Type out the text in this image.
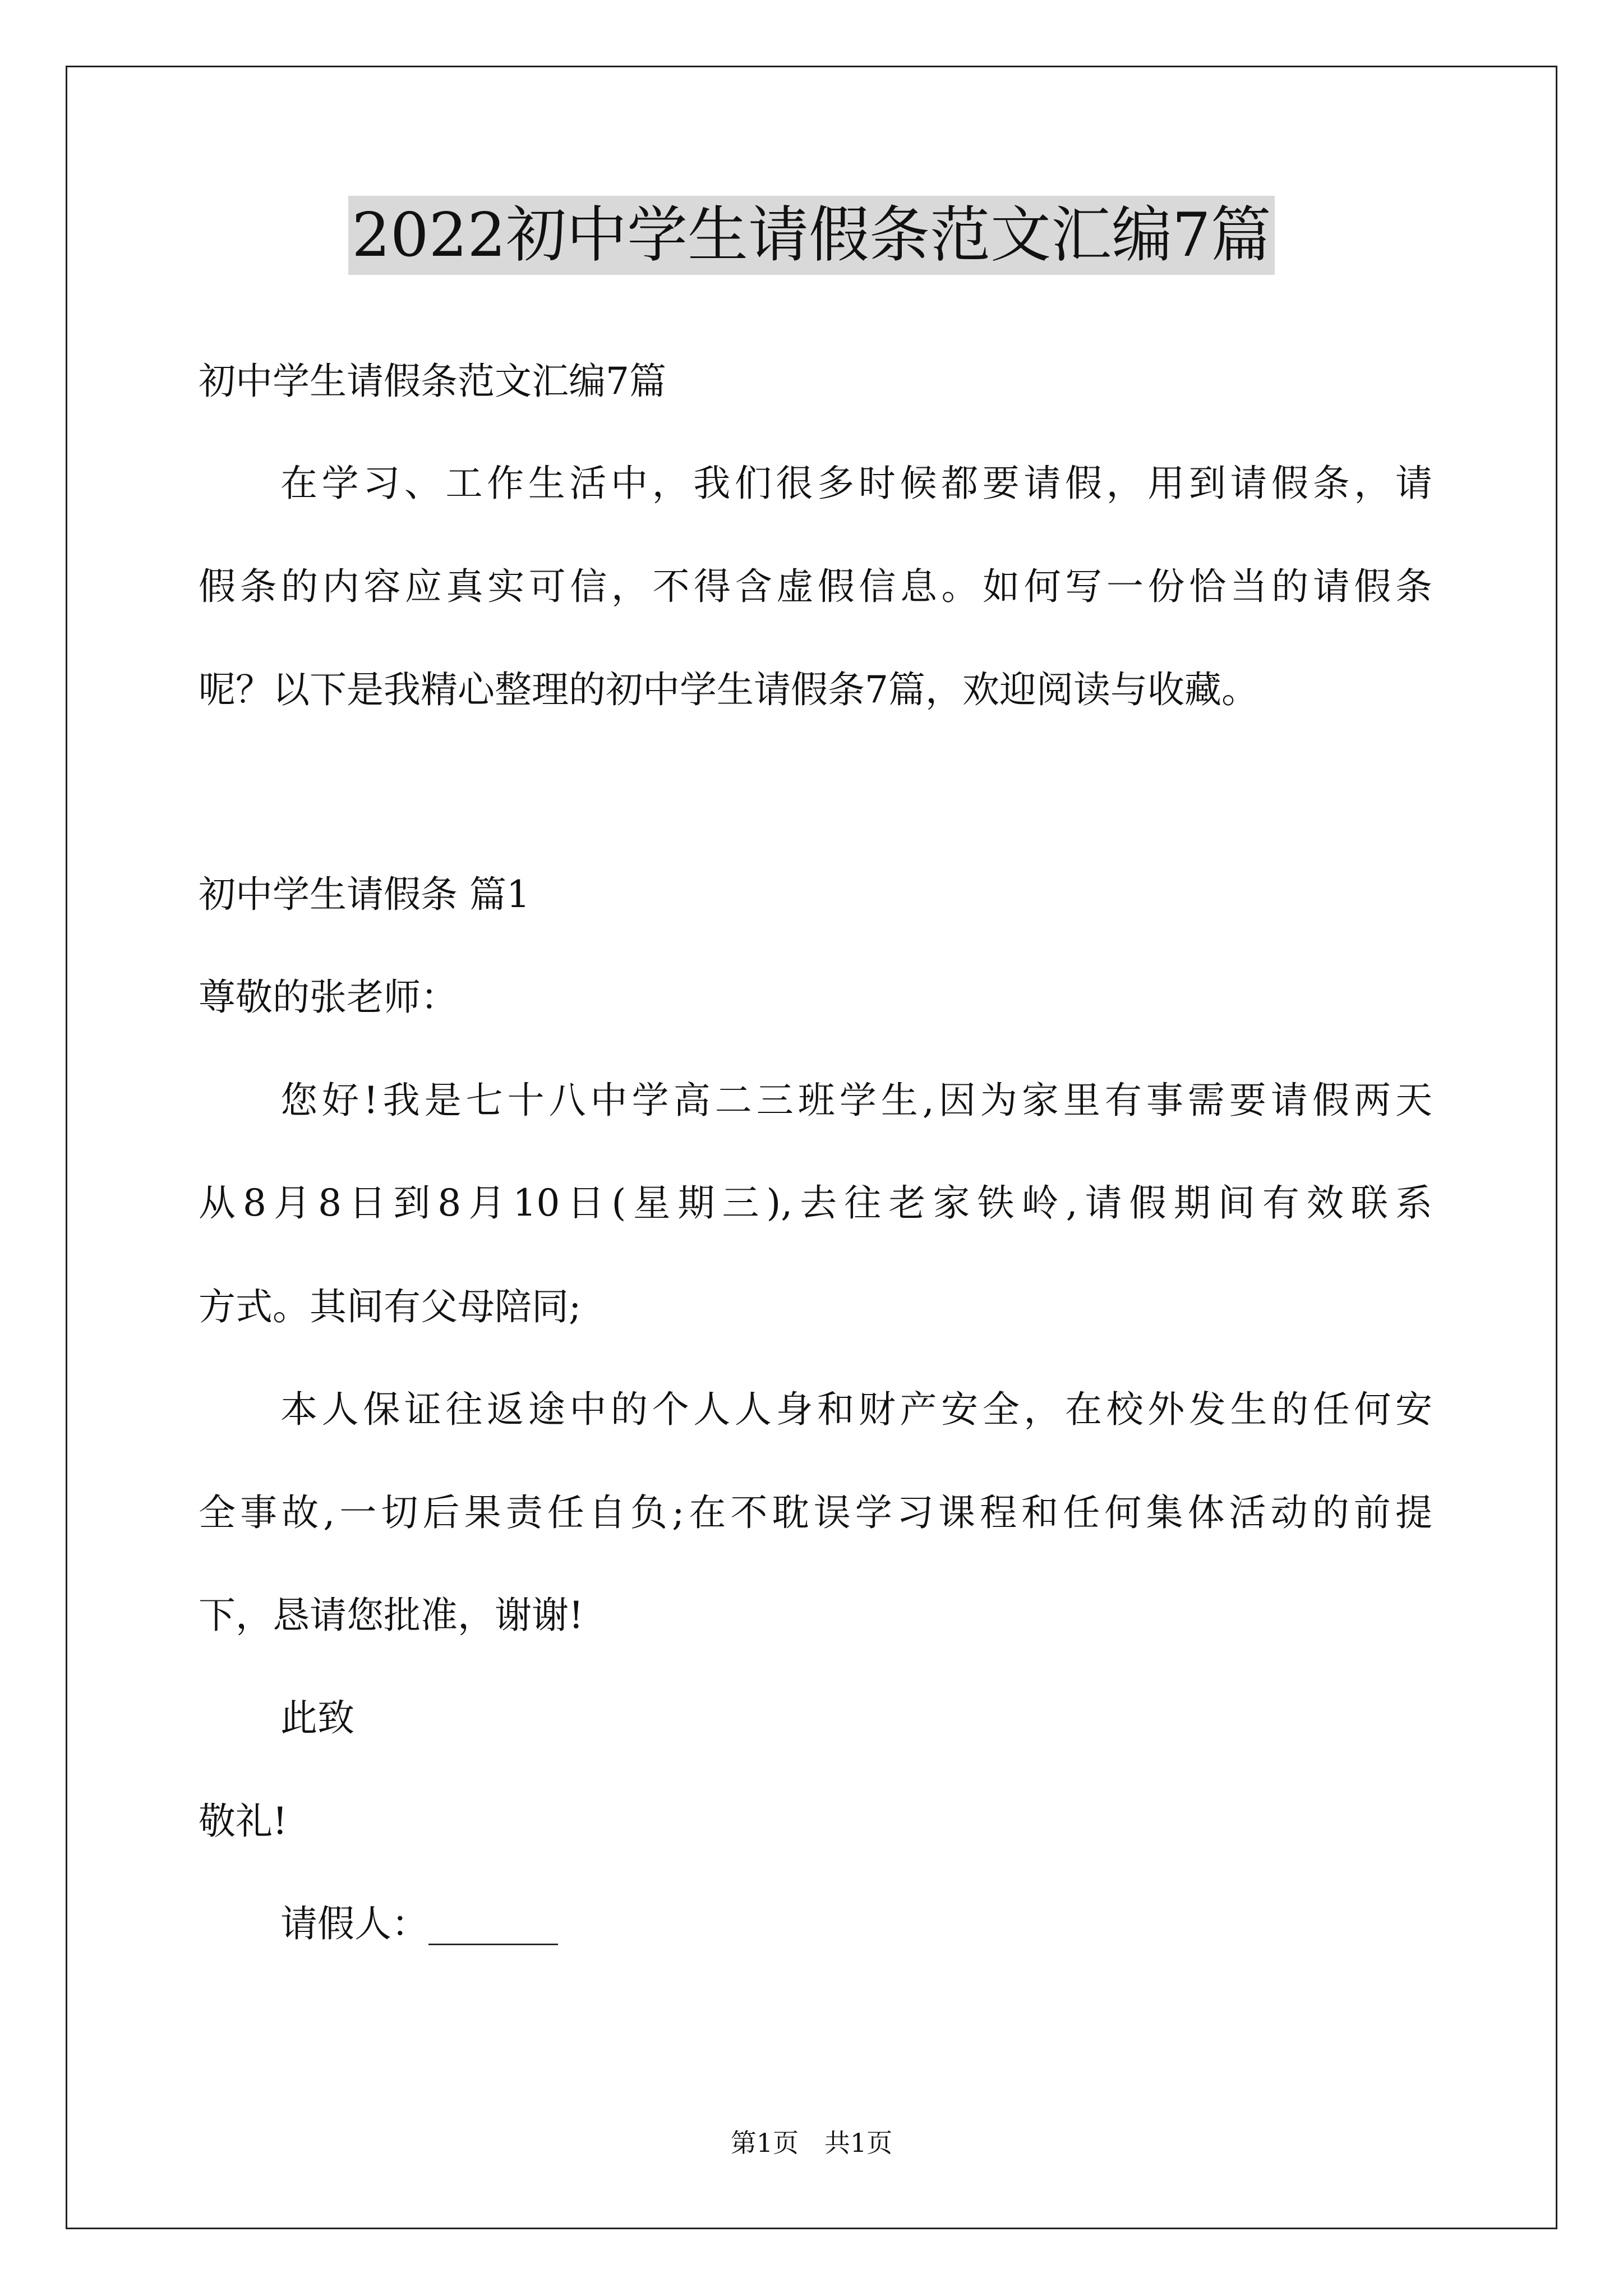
2022初中学生请假条范文汇编7篇
初中学生请假条范文汇编7篇
在学习、工作生活中，我们很多时候都要请假，用到请假条，请
假条的内容应真实可信，不得含虚假信息。如何写一份恰当的请假条
呢？以下是我精心整理的初中学生请假条7篇，欢迎阅读与收藏。
初中学生请假条 篇1
尊敬的张老师：
您好!我是七十八中学高二三班学生,因为家里有事需要请假两天
从8月8日到8月10日(星期三),去往老家铁岭,请假期间有效联系
方式。其间有父母陪同;
本人保证往返途中的个人人身和财产安全，在校外发生的任何安
全事故,一切后果责任自负;在不耽误学习课程和任何集体活动的前提
下，恳请您批准，谢谢!
此致
敬礼!
请假人：_______
第1页　共1页
